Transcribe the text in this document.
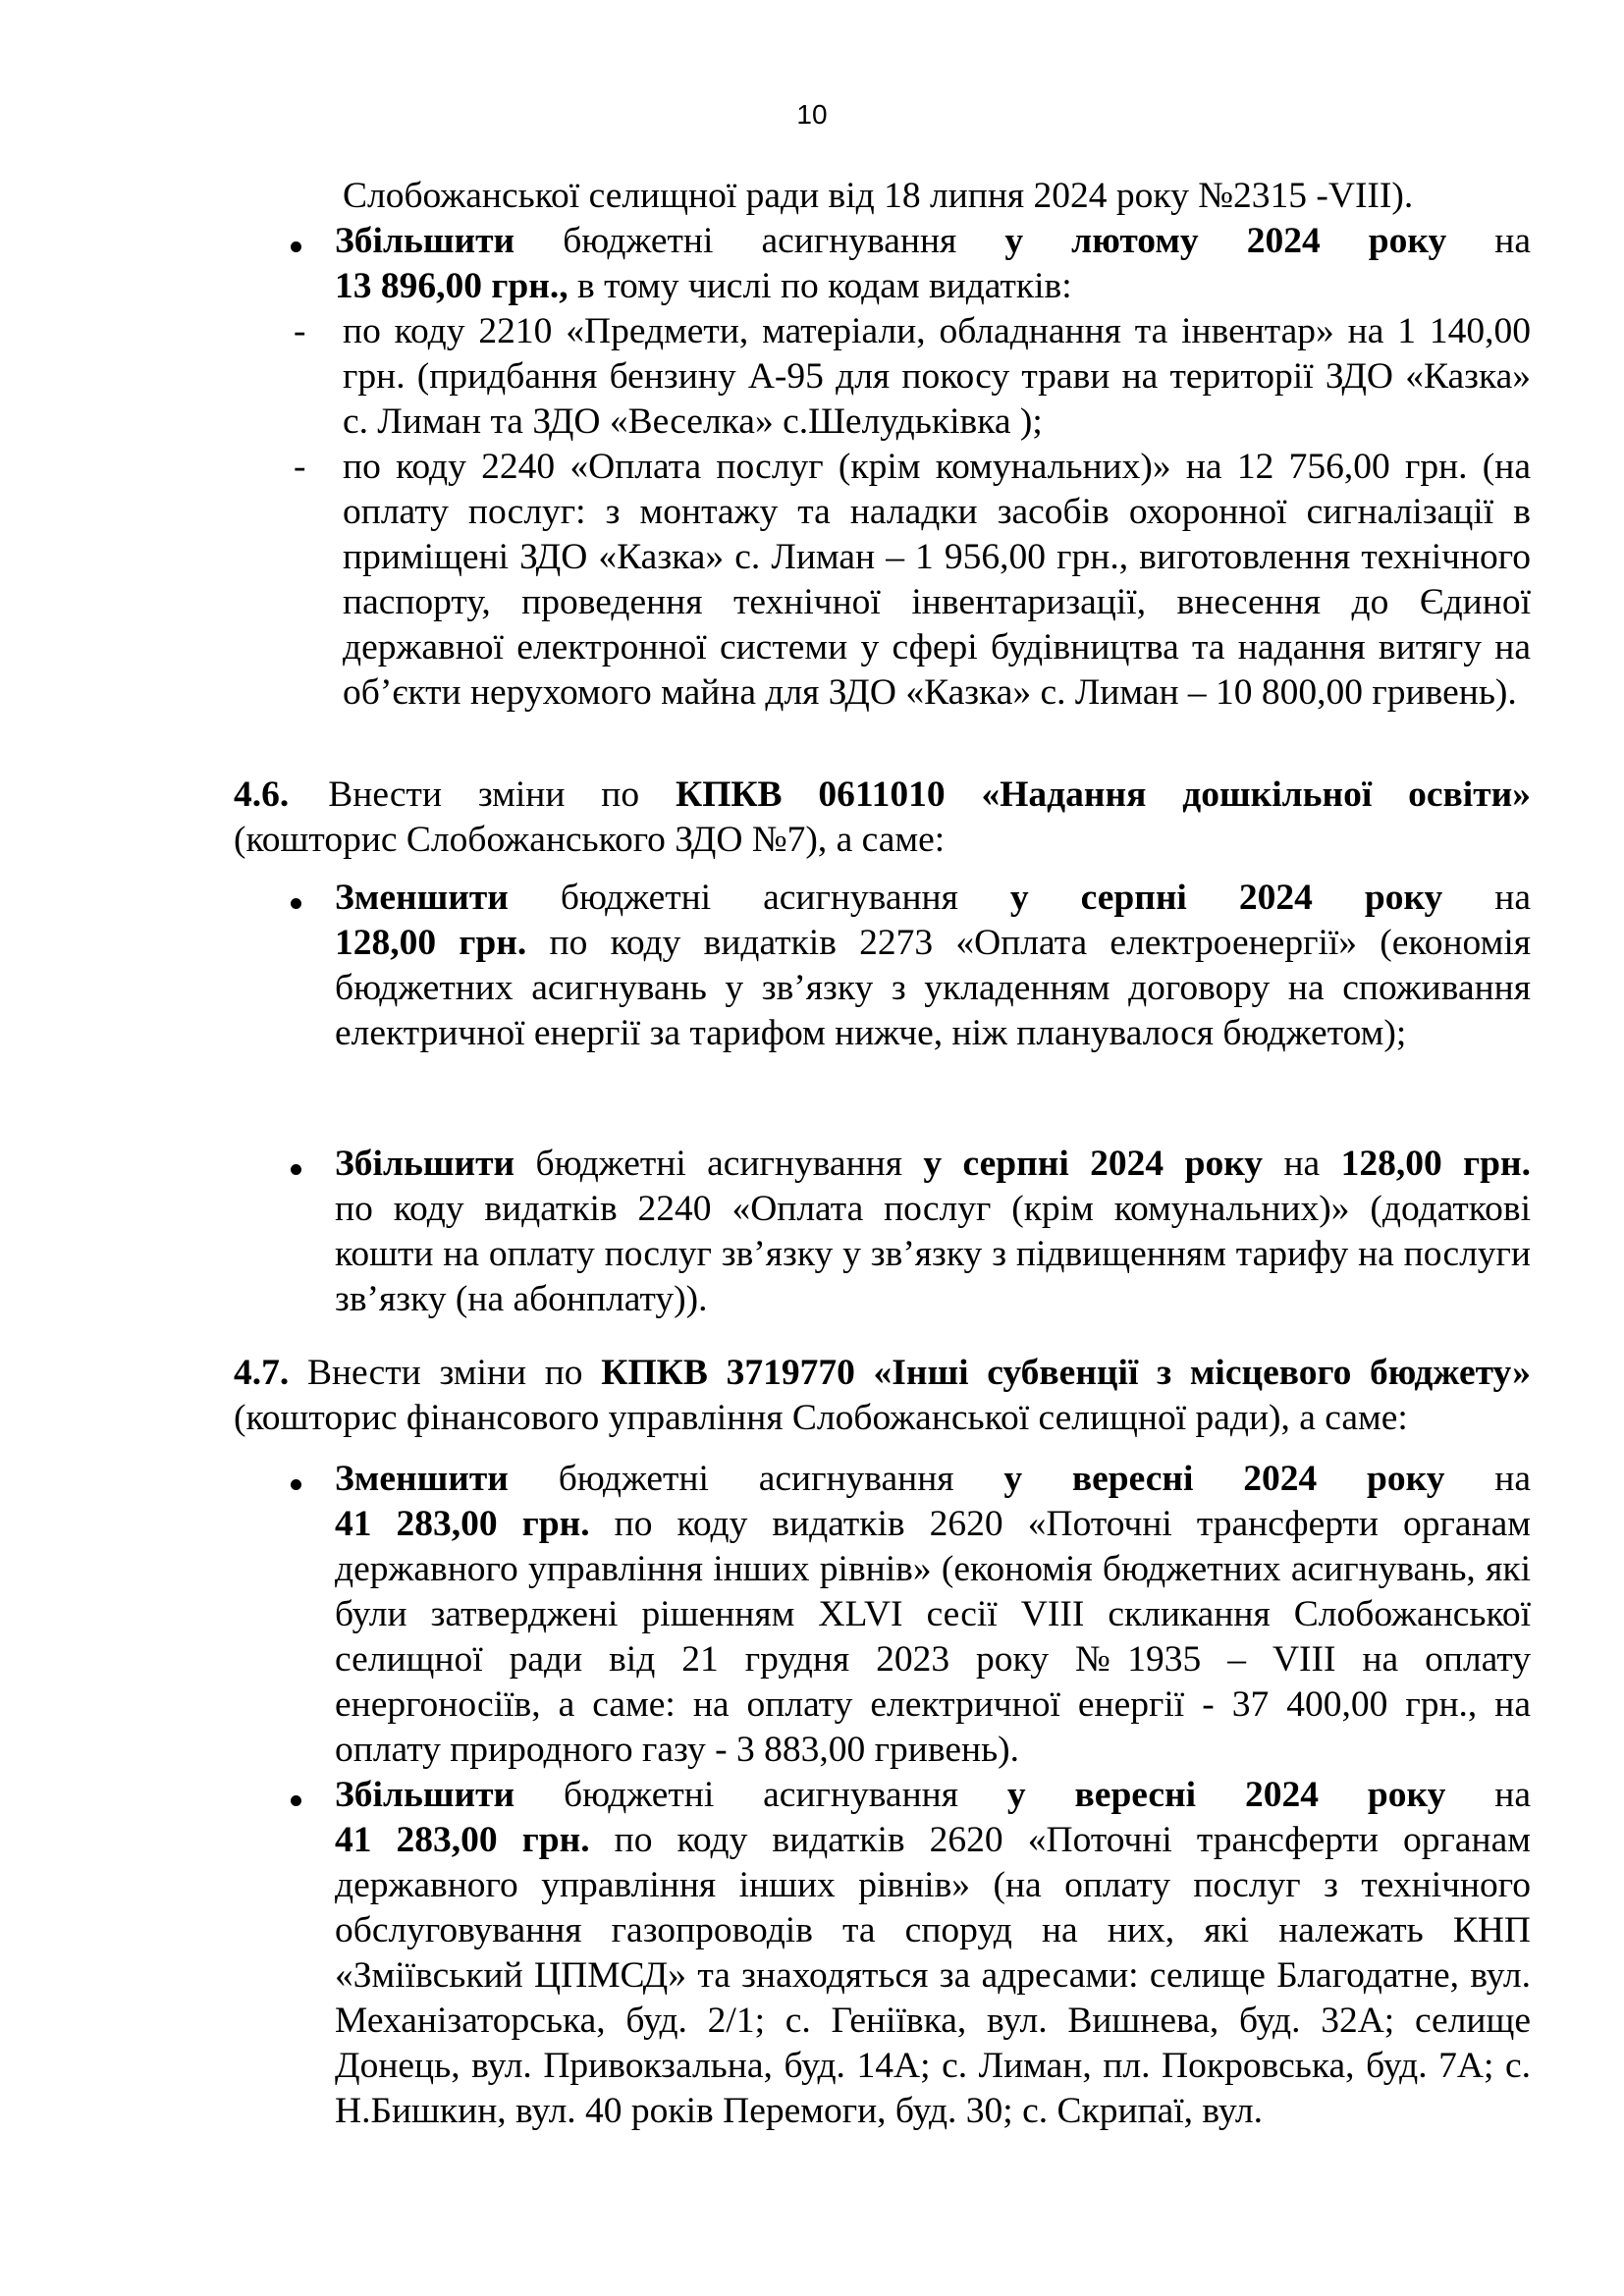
10

Слобожанської селищної ради від 18 липня 2024 року №2315 -VIII).

Збільшити бюджетні асигнування у лютому 2024 року на
13 896,00 грн., в тому числі по кодам видатків:

- по коду 2210 «Предмети, матеріали, обладнання та інвентар» на 1 140,00 грн. (придбання бензину А-95 для покосу трави на території ЗДО «Казка» с. Лиман та ЗДО «Веселка» с.Шелудьківка );

- по коду 2240 «Оплата послуг (крім комунальних)» на 12 756,00 грн. (на оплату послуг: з монтажу та наладки засобів охоронної сигналізації в приміщені ЗДО «Казка» с. Лиман – 1 956,00 грн., виготовлення технічного паспорту, проведення технічної інвентаризації, внесення до Єдиної державної електронної системи у сфері будівництва та надання витягу на об’єкти нерухомого майна для ЗДО «Казка» с. Лиман – 10 800,00 гривень).

4.6. Внести зміни по КПКВ 0611010 «Надання дошкільної освіти»
(кошторис Слобожанського ЗДО №7), а саме:

Зменшити бюджетні асигнування у серпні 2024 року на
128,00 грн. по коду видатків 2273 «Оплата електроенергії» (економія бюджетних асигнувань у зв’язку з укладенням договору на споживання електричної енергії за тарифом нижче, ніж планувалося бюджетом);

Збільшити бюджетні асигнування у серпні 2024 року на 128,00 грн.
по коду видатків 2240 «Оплата послуг (крім комунальних)» (додаткові кошти на оплату послуг зв’язку у зв’язку з підвищенням тарифу на послуги зв’язку (на абонплату)).

4.7. Внести зміни по КПКВ 3719770 «Інші субвенції з місцевого бюджету»
(кошторис фінансового управління Слобожанської селищної ради), а саме:

Зменшити бюджетні асигнування у вересні 2024 року на
41 283,00 грн. по коду видатків 2620 «Поточні трансферти органам державного управління інших рівнів» (економія бюджетних асигнувань, які були затверджені рішенням XLVI сесії VIII скликання Слобожанської селищної ради від 21 грудня 2023 року №1935 – VIII на оплату енергоносіїв, а саме: на оплату електричної енергії - 37 400,00 грн., на оплату природного газу - 3 883,00 гривень).

Збільшити бюджетні асигнування у вересні 2024 року на
41 283,00 грн. по коду видатків 2620 «Поточні трансферти органам державного управління інших рівнів» (на оплату послуг з технічного обслуговування газопроводів та споруд на них, які належать КНП «Зміївський ЦПМСД» та знаходяться за адресами: селище Благодатне, вул. Механізаторська, буд. 2/1; с. Геніївка, вул. Вишнева, буд. 32А; селище Донець, вул. Привокзальна, буд. 14А; с. Лиман, пл. Покровська, буд. 7А; с. Н.Бишкин, вул. 40 років Перемоги, буд. 30; с. Скрипаї, вул.
